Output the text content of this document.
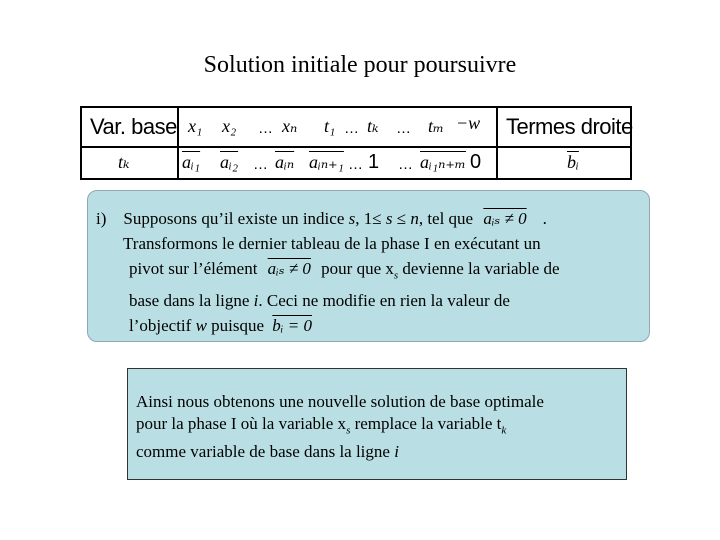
Solution initiale pour poursuivre
Var. base x₁ x₂ … xₙ t₁ … tₖ … tₘ −w Termes droite
tₖ	aᵢ₁ aᵢ₂ … $\overline{aᵢ_n}$ aᵢₙ₊₁ … 1 … aᵢ₁ₙ₊ₘ 0	$\overline{bᵢ}$
i) Supposons qu’il existe un indice s, 1≤ s ≤ n, tel que aᵢₛ ≠ 0 .
Transformons le dernier tableau de la phase I en exécutant un
pivot sur l’élément aᵢₛ ≠ 0 pour que $x_s$ devienne la variable de
base dans la ligne i. Ceci ne modifie en rien la valeur de
l’objectif w puisque bᵢ = 0
Ainsi nous obtenons une nouvelle solution de base optimale
pour la phase I où la variable $x_s$ remplace la variable $t_k$
comme variable de base dans la ligne i
